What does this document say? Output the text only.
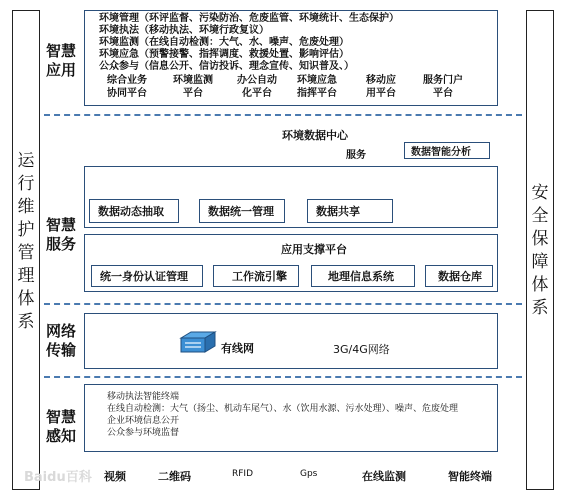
运
行
维
护
管
理
体
系
安
全
保
障
体
系
智慧
应用
环境管理（环评监督、污染防治、危废监管、环境统计、生态保护）
环境执法（移动执法、环境行政复议）
环境监测（在线自动检测：大气、水、噪声、危废处理）
环境应急（预警接警、指挥调度、救援处置、影响评估）
公众参与（信息公开、信访投诉、理念宣传、知识普及、）
综合业务
协同平台
环境监测
平台
办公自动
化平台
环境应急
指挥平台
移动应
用平台
服务门户
平台
环境数据中心
服务	数据智能分析
智慧
服务
数据动态抽取	数据统一管理	数据共享
应用支撑平台
统一身份认证管理	工作流引擎	地理信息系统	数据仓库
网络
传输	有线网	3G/4G网络
智慧
感知
移动执法智能终端
在线自动检测：大气（扬尘、机动车尾气）、水（饮用水源、污水处理）、噪声、危废处理
企业环境信息公开
公众参与环境监督
视频	二维码	RFID	Gps	在线监测	智能终端
Baidu百科
